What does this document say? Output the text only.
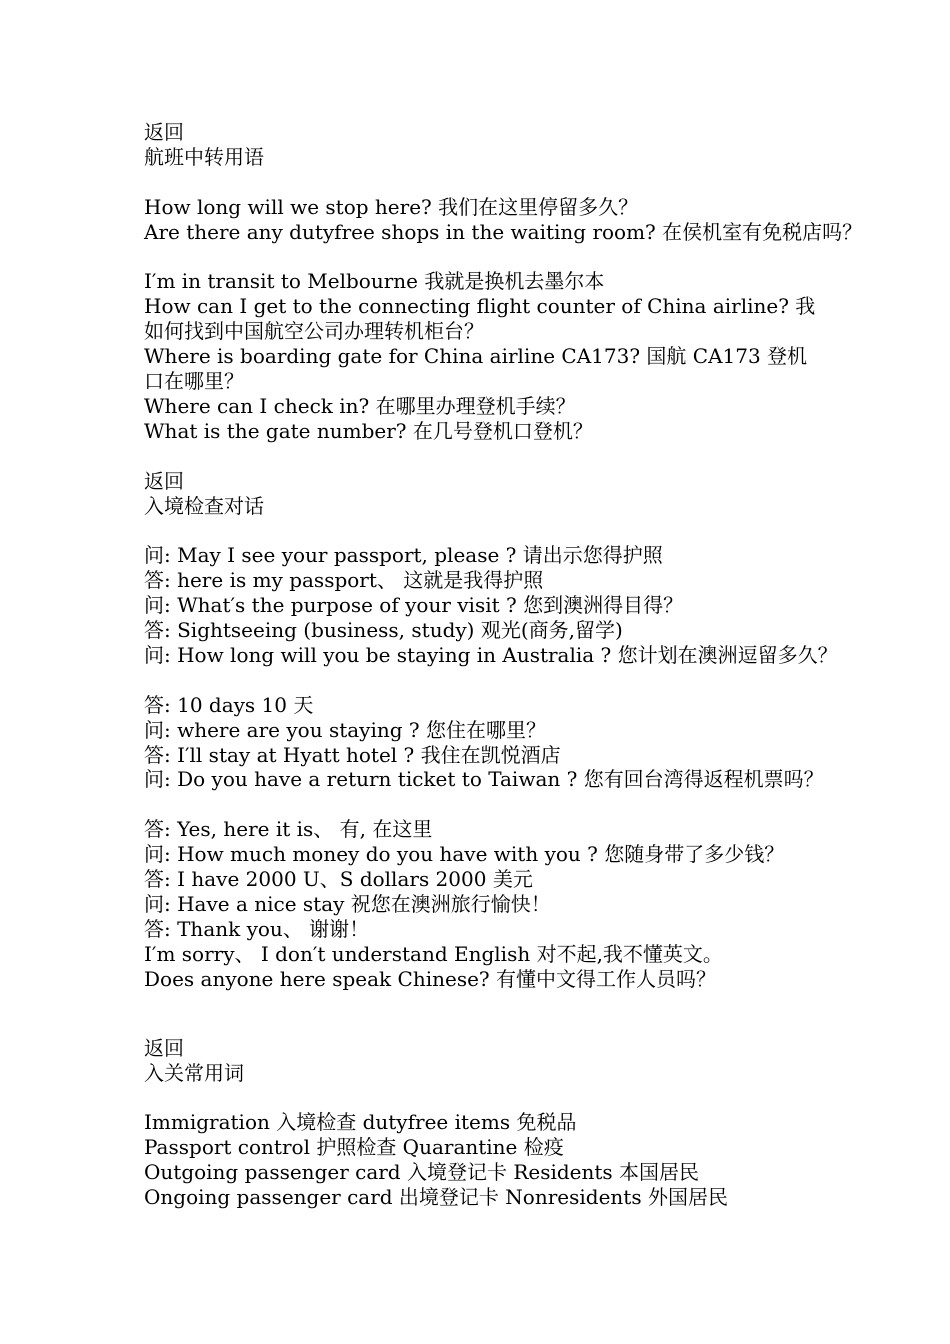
返回
航班中转用语
How long will we stop here? 我们在这里停留多久？
Are there any dutyfree shops in the waiting room? 在侯机室有免税店吗？
I′m in transit to Melbourne 我就是换机去墨尔本
How can I get to the connecting flight counter of China airline? 我如何找到中国航空公司办理转机柜台？
Where is boarding gate for China airline CA173? 国航 CA173 登机口在哪里？
Where can I check in? 在哪里办理登机手续？
What is the gate number? 在几号登机口登机？
返回
入境检查对话
问: May I see your passport, please ? 请出示您得护照
答: here is my passport、 这就是我得护照
问: What′s the purpose of your visit ? 您到澳洲得目得？
答: Sightseeing (business, study) 观光(商务,留学)
问: How long will you be staying in Australia ? 您计划在澳洲逗留多久？
答: 10 days 10 天
问: where are you staying ? 您住在哪里？
答: I′ll stay at Hyatt hotel ? 我住在凯悦酒店
问: Do you have a return ticket to Taiwan ? 您有回台湾得返程机票吗？
答: Yes, here it is、 有, 在这里
问: How much money do you have with you ? 您随身带了多少钱？
答: I have 2000 U、S dollars 2000 美元
问: Have a nice stay 祝您在澳洲旅行愉快！
答: Thank you、 谢谢！
I′m sorry、 I don′t understand English 对不起,我不懂英文。
Does anyone here speak Chinese? 有懂中文得工作人员吗？
返回
入关常用词
Immigration 入境检查 dutyfree items 免税品
Passport control 护照检查 Quarantine 检疫
Outgoing passenger card 入境登记卡 Residents 本国居民
Ongoing passenger card 出境登记卡 Nonresidents 外国居民
